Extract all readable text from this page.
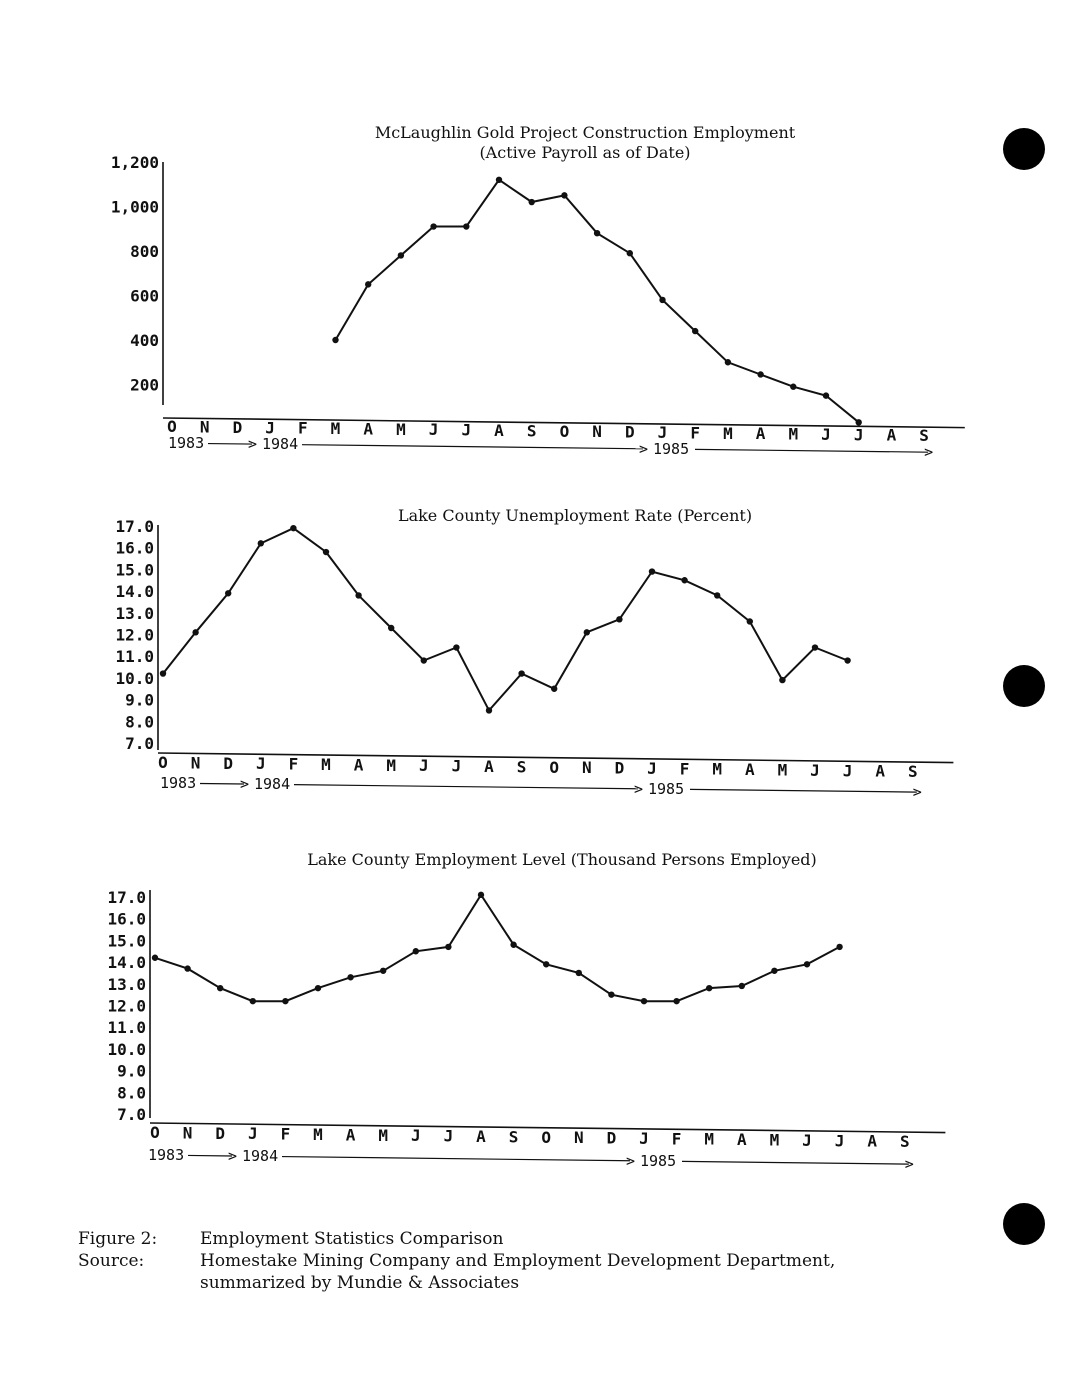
McLaughlin Gold Project Construction Employment
(Active Payroll as of Date)
1,200
1,000
800
600
400
200
O N D J F M A M J J A S O N D J F M A M J J A S
1983	> 1984	> 1985	>
Lake County Unemployment Rate (Percent)
17.0
16.0
15.0
14.0
13.0
12.0
11.0
10.0
9.0
8.0
7.0
O N D J F M A M J J A S O N D J F M A M J J A S
1983	> 1984	> 1985	>
Lake County Employment Level (Thousand Persons Employed)
17.0
16.0
15.0
14.0
13.0
12.0
11.0
10.0
9.0
8.0
7.0
O N D J F M A M J J A S O N D J F M A M J J A S
1983	> 1984	> 1985	>
Figure 2:	Employment Statistics Comparison
Source:	Homestake Mining Company and Employment Development Department,
summarized by Mundie & Associates
